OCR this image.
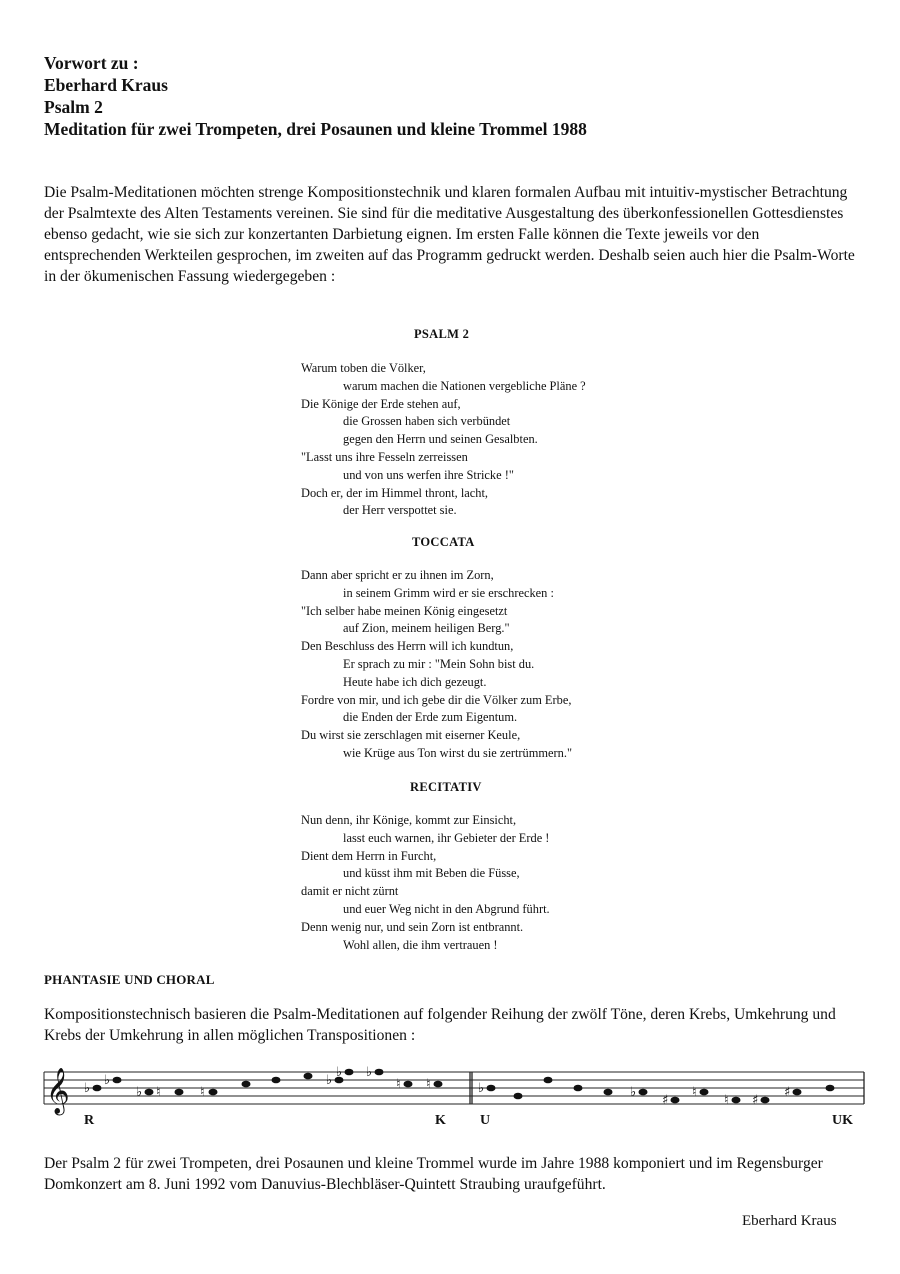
Vorwort zu :
Eberhard Kraus
Psalm 2
Meditation für zwei Trompeten, drei Posaunen und kleine Trommel 1988
Die Psalm-Meditationen möchten strenge Kompositionstechnik und klaren formalen Aufbau mit intuitiv-mystischer Betrachtung der Psalmtexte des Alten Testaments vereinen. Sie sind für die meditative Ausgestaltung des überkonfessionellen Gottesdienstes ebenso gedacht, wie sie sich zur konzertanten Darbietung eignen. Im ersten Falle können die Texte jeweils vor den entsprechenden Werkteilen gesprochen, im zweiten auf das Programm gedruckt werden. Deshalb seien auch hier die Psalm-Worte in der ökumenischen Fassung wiedergegeben :
PSALM 2
Warum toben die Völker,
warum machen die Nationen vergebliche Pläne ?
Die Könige der Erde stehen auf,
die Grossen haben sich verbündet
gegen den Herrn und seinen Gesalbten.
"Lasst uns ihre Fesseln zerreissen
und von uns werfen ihre Stricke !"
Doch er, der im Himmel thront, lacht,
der Herr verspottet sie.
TOCCATA
Dann aber spricht er zu ihnen im Zorn,
in seinem Grimm wird er sie erschrecken :
"Ich selber habe meinen König eingesetzt
auf Zion, meinem heiligen Berg."
Den Beschluss des Herrn will ich kundtun,
Er sprach zu mir : "Mein Sohn bist du.
Heute habe ich dich gezeugt.
Fordre von mir, und ich gebe dir die Völker zum Erbe,
die Enden der Erde zum Eigentum.
Du wirst sie zerschlagen mit eiserner Keule,
wie Krüge aus Ton wirst du sie zertrümmern."
RECITATIV
Nun denn, ihr Könige, kommt zur Einsicht,
lasst euch warnen, ihr Gebieter der Erde !
Dient dem Herrn in Furcht,
und küsst ihm mit Beben die Füsse,
damit er nicht zürnt
und euer Weg nicht in den Abgrund führt.
Denn wenig nur, und sein Zorn ist entbrannt.
Wohl allen, die ihm vertrauen !
PHANTASIE UND CHORAL
Kompositionstechnisch basieren die Psalm-Meditationen auf folgender Reihung der zwölf Töne, deren Krebs, Umkehrung und Krebs der Umkehrung in allen möglichen Transpositionen :
𝄞 ♭
♭
♭ ♮	♮
♭
♭ ♭
♮ ♮	♭	♭
♯
♮
♮ ♯
♯
R	K U	UK
Der Psalm 2 für zwei Trompeten, drei Posaunen und kleine Trommel wurde im Jahre 1988 komponiert und im Regensburger Domkonzert am 8. Juni 1992 vom Danuvius-Blechbläser-Quintett Straubing uraufgeführt.
Eberhard Kraus
